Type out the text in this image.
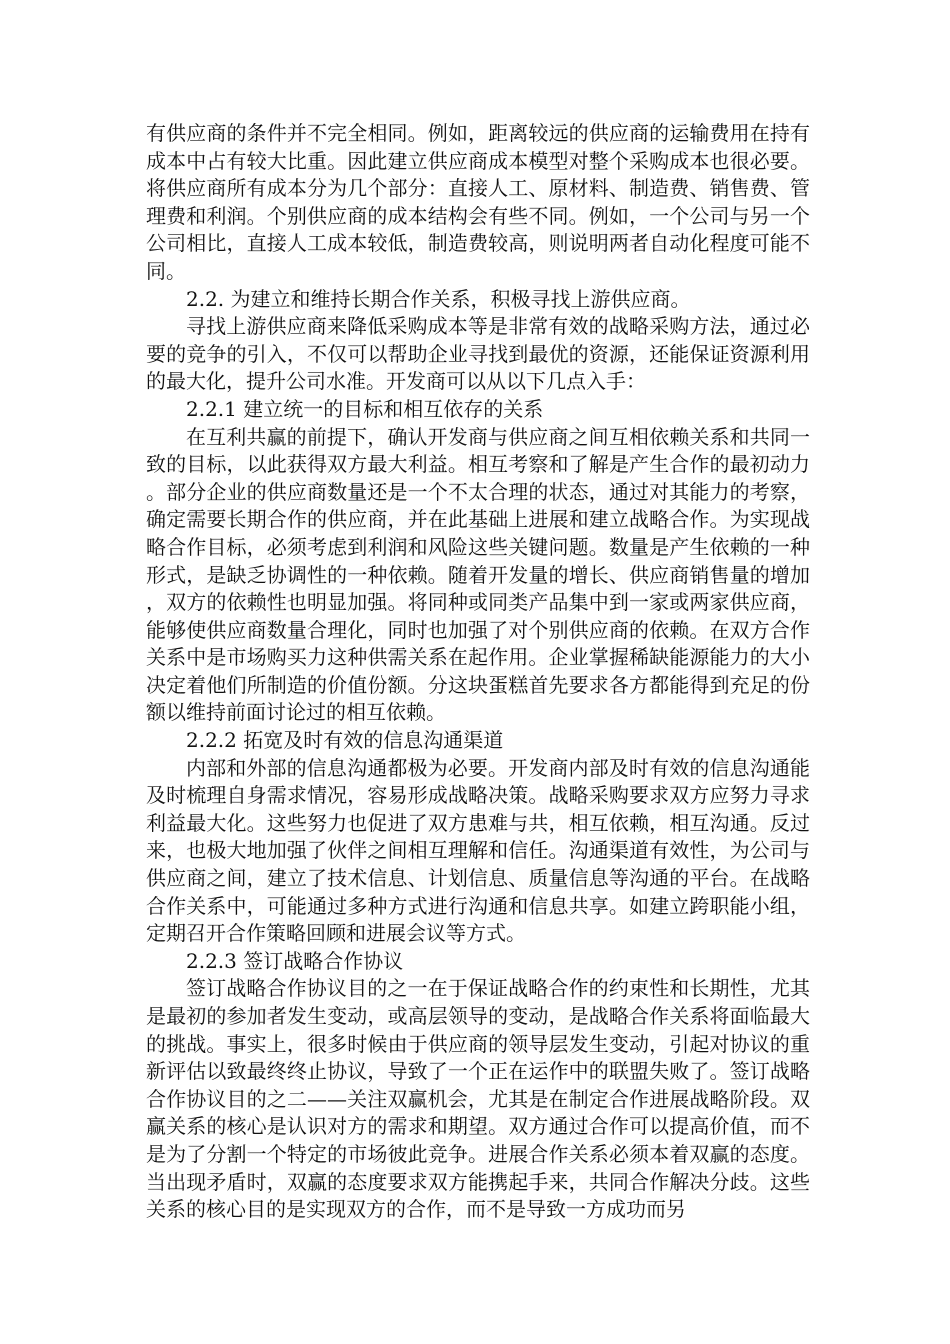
有供应商的条件并不完全相同。例如，距离较远的供应商的运输费用在持有成本中占有较大比重。因此建立供应商成本模型对整个采购成本也很必要。将供应商所有成本分为几个部分：直接人工、原材料、制造费、销售费、管理费和利润。个别供应商的成本结构会有些不同。例如，一个公司与另一个公司相比，直接人工成本较低，制造费较高，则说明两者自动化程度可能不同。

2.2. 为建立和维持长期合作关系，积极寻找上游供应商。

寻找上游供应商来降低采购成本等是非常有效的战略采购方法，通过必要的竞争的引入，不仅可以帮助企业寻找到最优的资源，还能保证资源利用的最大化，提升公司水准。开发商可以从以下几点入手：

2.2.1 建立统一的目标和相互依存的关系

在互利共赢的前提下，确认开发商与供应商之间互相依赖关系和共同一致的目标，以此获得双方最大利益。相互考察和了解是产生合作的最初动力。部分企业的供应商数量还是一个不太合理的状态，通过对其能力的考察，确定需要长期合作的供应商，并在此基础上进展和建立战略合作。为实现战略合作目标，必须考虑到利润和风险这些关键问题。数量是产生依赖的一种形式，是缺乏协调性的一种依赖。随着开发量的增长、供应商销售量的增加，双方的依赖性也明显加强。将同种或同类产品集中到一家或两家供应商，能够使供应商数量合理化，同时也加强了对个别供应商的依赖。在双方合作关系中是市场购买力这种供需关系在起作用。企业掌握稀缺能源能力的大小决定着他们所制造的价值份额。分这块蛋糕首先要求各方都能得到充足的份额以维持前面讨论过的相互依赖。

2.2.2 拓宽及时有效的信息沟通渠道

内部和外部的信息沟通都极为必要。开发商内部及时有效的信息沟通能及时梳理自身需求情况，容易形成战略决策。战略采购要求双方应努力寻求利益最大化。这些努力也促进了双方患难与共，相互依赖，相互沟通。反过来，也极大地加强了伙伴之间相互理解和信任。沟通渠道有效性，为公司与供应商之间，建立了技术信息、计划信息、质量信息等沟通的平台。在战略合作关系中，可能通过多种方式进行沟通和信息共享。如建立跨职能小组，定期召开合作策略回顾和进展会议等方式。

2.2.3 签订战略合作协议

签订战略合作协议目的之一在于保证战略合作的约束性和长期性，尤其是最初的参加者发生变动，或高层领导的变动，是战略合作关系将面临最大的挑战。事实上，很多时候由于供应商的领导层发生变动，引起对协议的重新评估以致最终终止协议，导致了一个正在运作中的联盟失败了。签订战略合作协议目的之二——关注双赢机会，尤其是在制定合作进展战略阶段。双赢关系的核心是认识对方的需求和期望。双方通过合作可以提高价值，而不是为了分割一个特定的市场彼此竞争。进展合作关系必须本着双赢的态度。当出现矛盾时，双赢的态度要求双方能携起手来，共同合作解决分歧。这些关系的核心目的是实现双方的合作，而不是导致一方成功而另
